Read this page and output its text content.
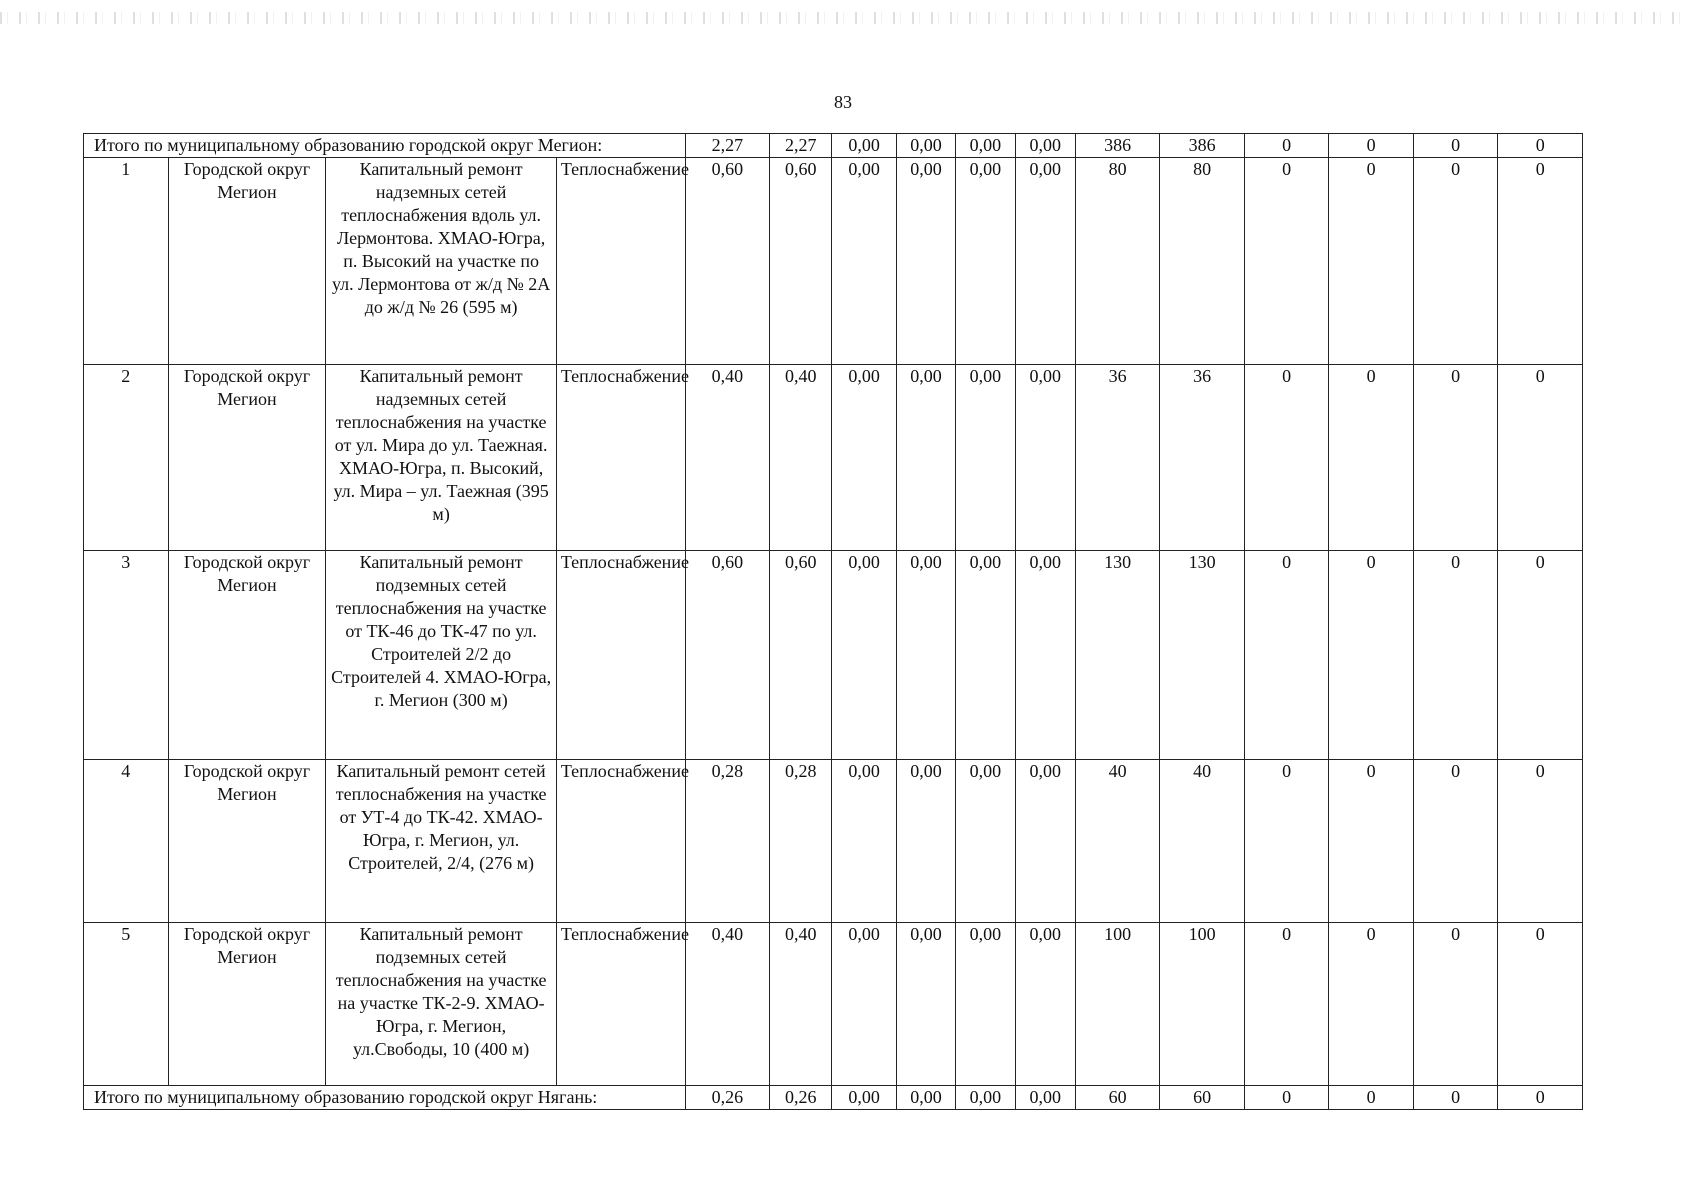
83
Итого по муниципальному образованию городской округ Мегион:				2,27	2,27	0,00	0,00	0,00	0,00	386	386	0	0	0	0
1	Городской округ Мегион	Капитальный ремонт надземных сетей теплоснабжения вдоль ул. Лермонтова. ХМАО-Югра, п. Высокий на участке по ул. Лермонтова от ж/д № 2А до ж/д № 26 (595 м)	Теплоснабжение	0,60	0,60	0,00	0,00	0,00	0,00	80	80	0	0	0	0
2	Городской округ Мегион	Капитальный ремонт надземных сетей теплоснабжения на участке от ул. Мира до ул. Таежная. ХМАО-Югра, п. Высокий, ул. Мира – ул. Таежная (395 м)	Теплоснабжение	0,40	0,40	0,00	0,00	0,00	0,00	36	36	0	0	0	0
3	Городской округ Мегион	Капитальный ремонт подземных сетей теплоснабжения на участке от ТК-46 до ТК-47 по ул. Строителей 2/2 до Строителей 4. ХМАО-Югра, г. Мегион (300 м)	Теплоснабжение	0,60	0,60	0,00	0,00	0,00	0,00	130	130	0	0	0	0
4	Городской округ Мегион	Капитальный ремонт сетей теплоснабжения на участке от УТ-4 до ТК-42. ХМАО-Югра, г. Мегион, ул. Строителей, 2/4, (276 м)	Теплоснабжение	0,28	0,28	0,00	0,00	0,00	0,00	40	40	0	0	0	0
5	Городской округ Мегион	Капитальный ремонт подземных сетей теплоснабжения на участке на участке ТК-2-9. ХМАО-Югра, г. Мегион, ул.Свободы, 10 (400 м)	Теплоснабжение	0,40	0,40	0,00	0,00	0,00	0,00	100	100	0	0	0	0
Итого по муниципальному образованию городской округ Нягань:				0,26	0,26	0,00	0,00	0,00	0,00	60	60	0	0	0	0
